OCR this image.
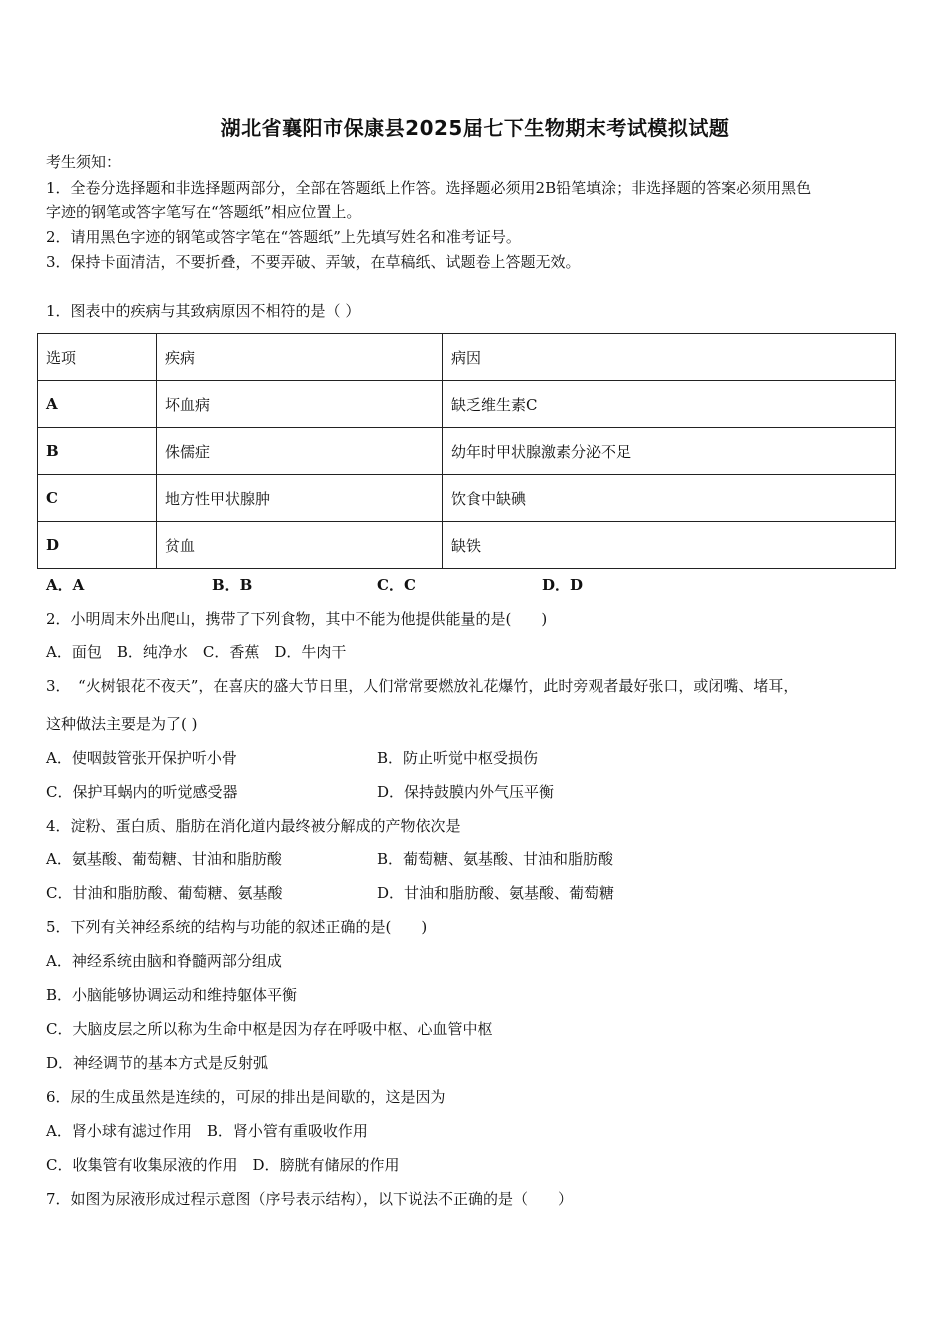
湖北省襄阳市保康县2025届七下生物期末考试模拟试题
考生须知：
1．全卷分选择题和非选择题两部分，全部在答题纸上作答。选择题必须用2B铅笔填涂；非选择题的答案必须用黑色
字迹的钢笔或答字笔写在“答题纸”相应位置上。
2．请用黑色字迹的钢笔或答字笔在“答题纸”上先填写姓名和准考证号。
3．保持卡面清洁，不要折叠，不要弄破、弄皱，在草稿纸、试题卷上答题无效。
1．图表中的疾病与其致病原因不相符的是（ ）
选项	疾病	病因
A	坏血病	缺乏维生素C
B	侏儒症	幼年时甲状腺激素分泌不足
C	地方性甲状腺肿	饮食中缺碘
D	贫血	缺铁
A．A	B．B	C．C	D．D
2．小明周末外出爬山，携带了下列食物，其中不能为他提供能量的是(　　)
A．面包　B．纯净水　C．香蕉　D．牛肉干
3．　“火树银花不夜天”，在喜庆的盛大节日里，人们常常要燃放礼花爆竹，此时旁观者最好张口，或闭嘴、堵耳，
这种做法主要是为了( )
A．使咽鼓管张开保护听小骨	B．防止听觉中枢受损伤
C．保护耳蜗内的听觉感受器	D．保持鼓膜内外气压平衡
4．淀粉、蛋白质、脂肪在消化道内最终被分解成的产物依次是
A．氨基酸、葡萄糖、甘油和脂肪酸	B．葡萄糖、氨基酸、甘油和脂肪酸
C．甘油和脂肪酸、葡萄糖、氨基酸	D．甘油和脂肪酸、氨基酸、葡萄糖
5．下列有关神经系统的结构与功能的叙述正确的是(　　)
A．神经系统由脑和脊髓两部分组成
B．小脑能够协调运动和维持躯体平衡
C．大脑皮层之所以称为生命中枢是因为存在呼吸中枢、心血管中枢
D．神经调节的基本方式是反射弧
6．尿的生成虽然是连续的，可尿的排出是间歇的，这是因为
A．肾小球有滤过作用　B．肾小管有重吸收作用
C．收集管有收集尿液的作用　D．膀胱有储尿的作用
7．如图为尿液形成过程示意图（序号表示结构），以下说法不正确的是（　　）
